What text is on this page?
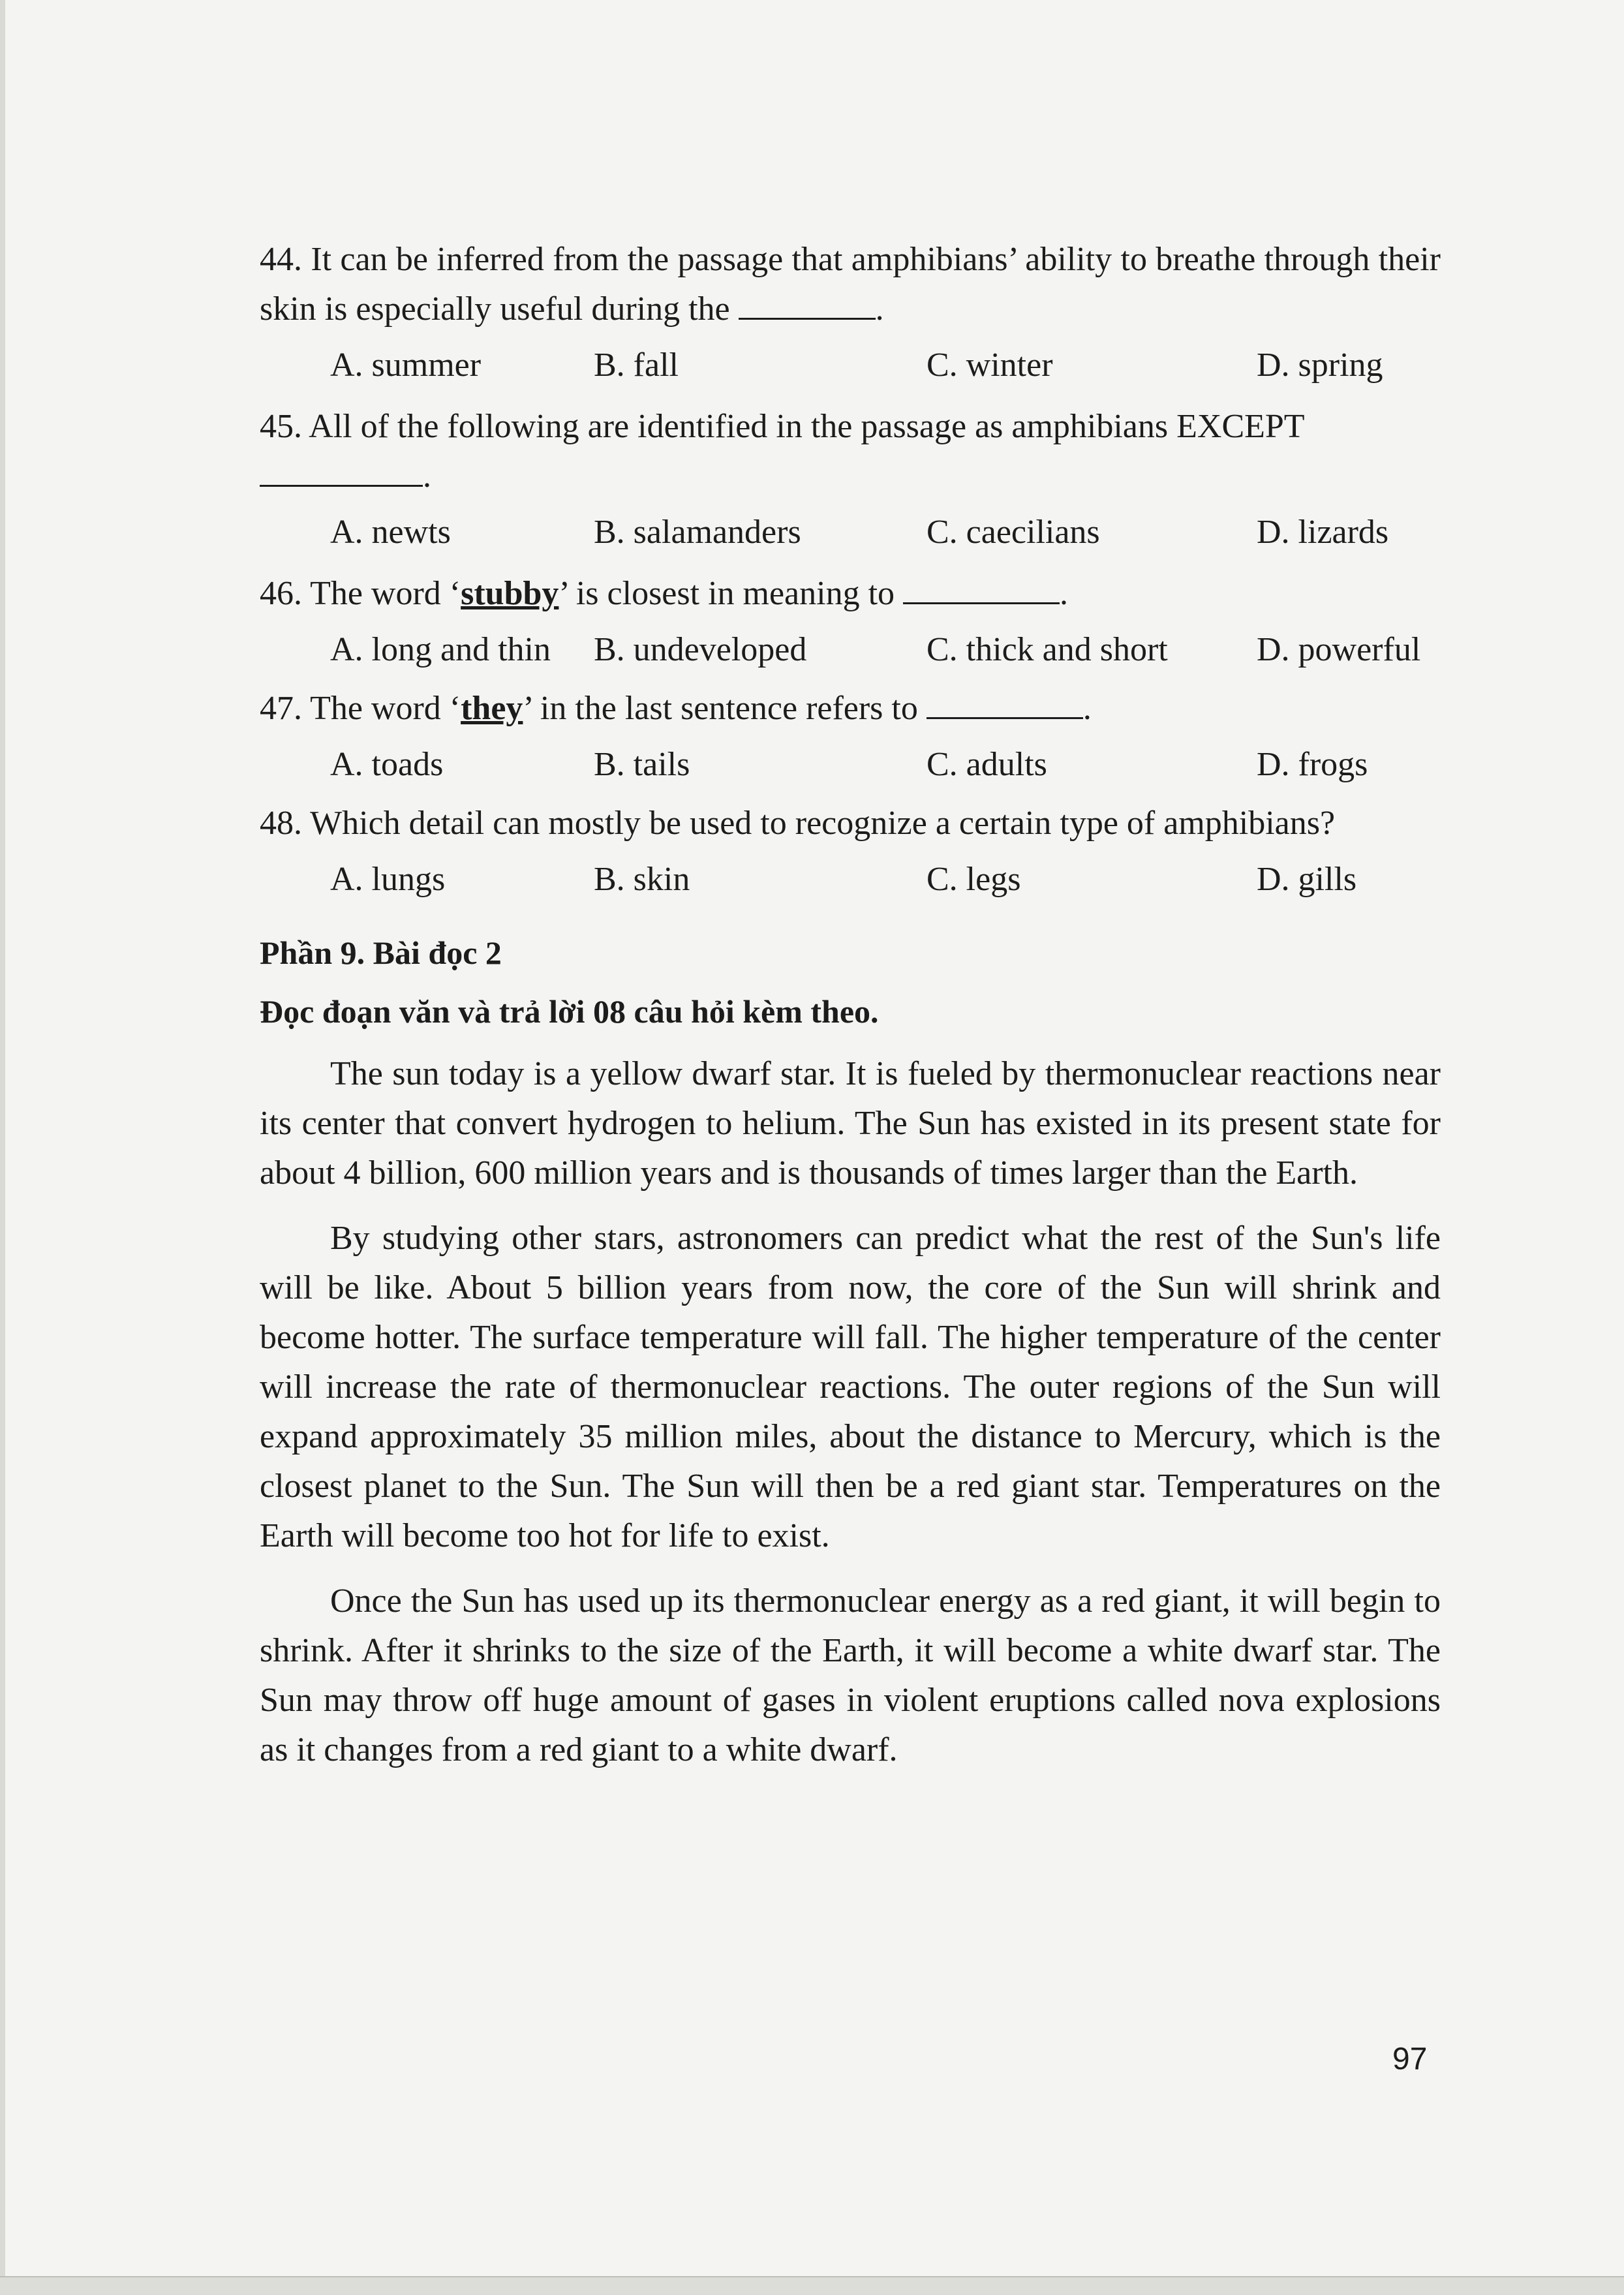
44. It can be inferred from the passage that amphibians’ ability to breathe through their skin is especially useful during the	.

A. summer	B. fall	C. winter	D. spring

45. All of the following are identified in the passage as amphibians EXCEPT
.

A. newts	B. salamanders	C. caecilians	D. lizards

46. The word ‘stubby’ is closest in meaning to	.

A. long and thin B. undeveloped	C. thick and short	D. powerful

47. The word ‘they’ in the last sentence refers to	.

A. toads	B. tails	C. adults	D. frogs

48. Which detail can mostly be used to recognize a certain type of amphibians?

A. lungs	B. skin	C. legs	D. gills

Phần 9. Bài đọc 2

Đọc đoạn văn và trả lời 08 câu hỏi kèm theo.

The sun today is a yellow dwarf star. It is fueled by thermonuclear reactions near its center that convert hydrogen to helium. The Sun has existed in its present state for about 4 billion, 600 million years and is thousands of times larger than the Earth.

By studying other stars, astronomers can predict what the rest of the Sun's life will be like. About 5 billion years from now, the core of the Sun will shrink and become hotter. The surface temperature will fall. The higher temperature of the center will increase the rate of thermonuclear reactions. The outer regions of the Sun will expand approximately 35 million miles, about the distance to Mercury, which is the closest planet to the Sun. The Sun will then be a red giant star. Temperatures on the Earth will become too hot for life to exist.

Once the Sun has used up its thermonuclear energy as a red giant, it will begin to shrink. After it shrinks to the size of the Earth, it will become a white dwarf star. The Sun may throw off huge amount of gases in violent eruptions called nova explosions as it changes from a red giant to a white dwarf.

97
